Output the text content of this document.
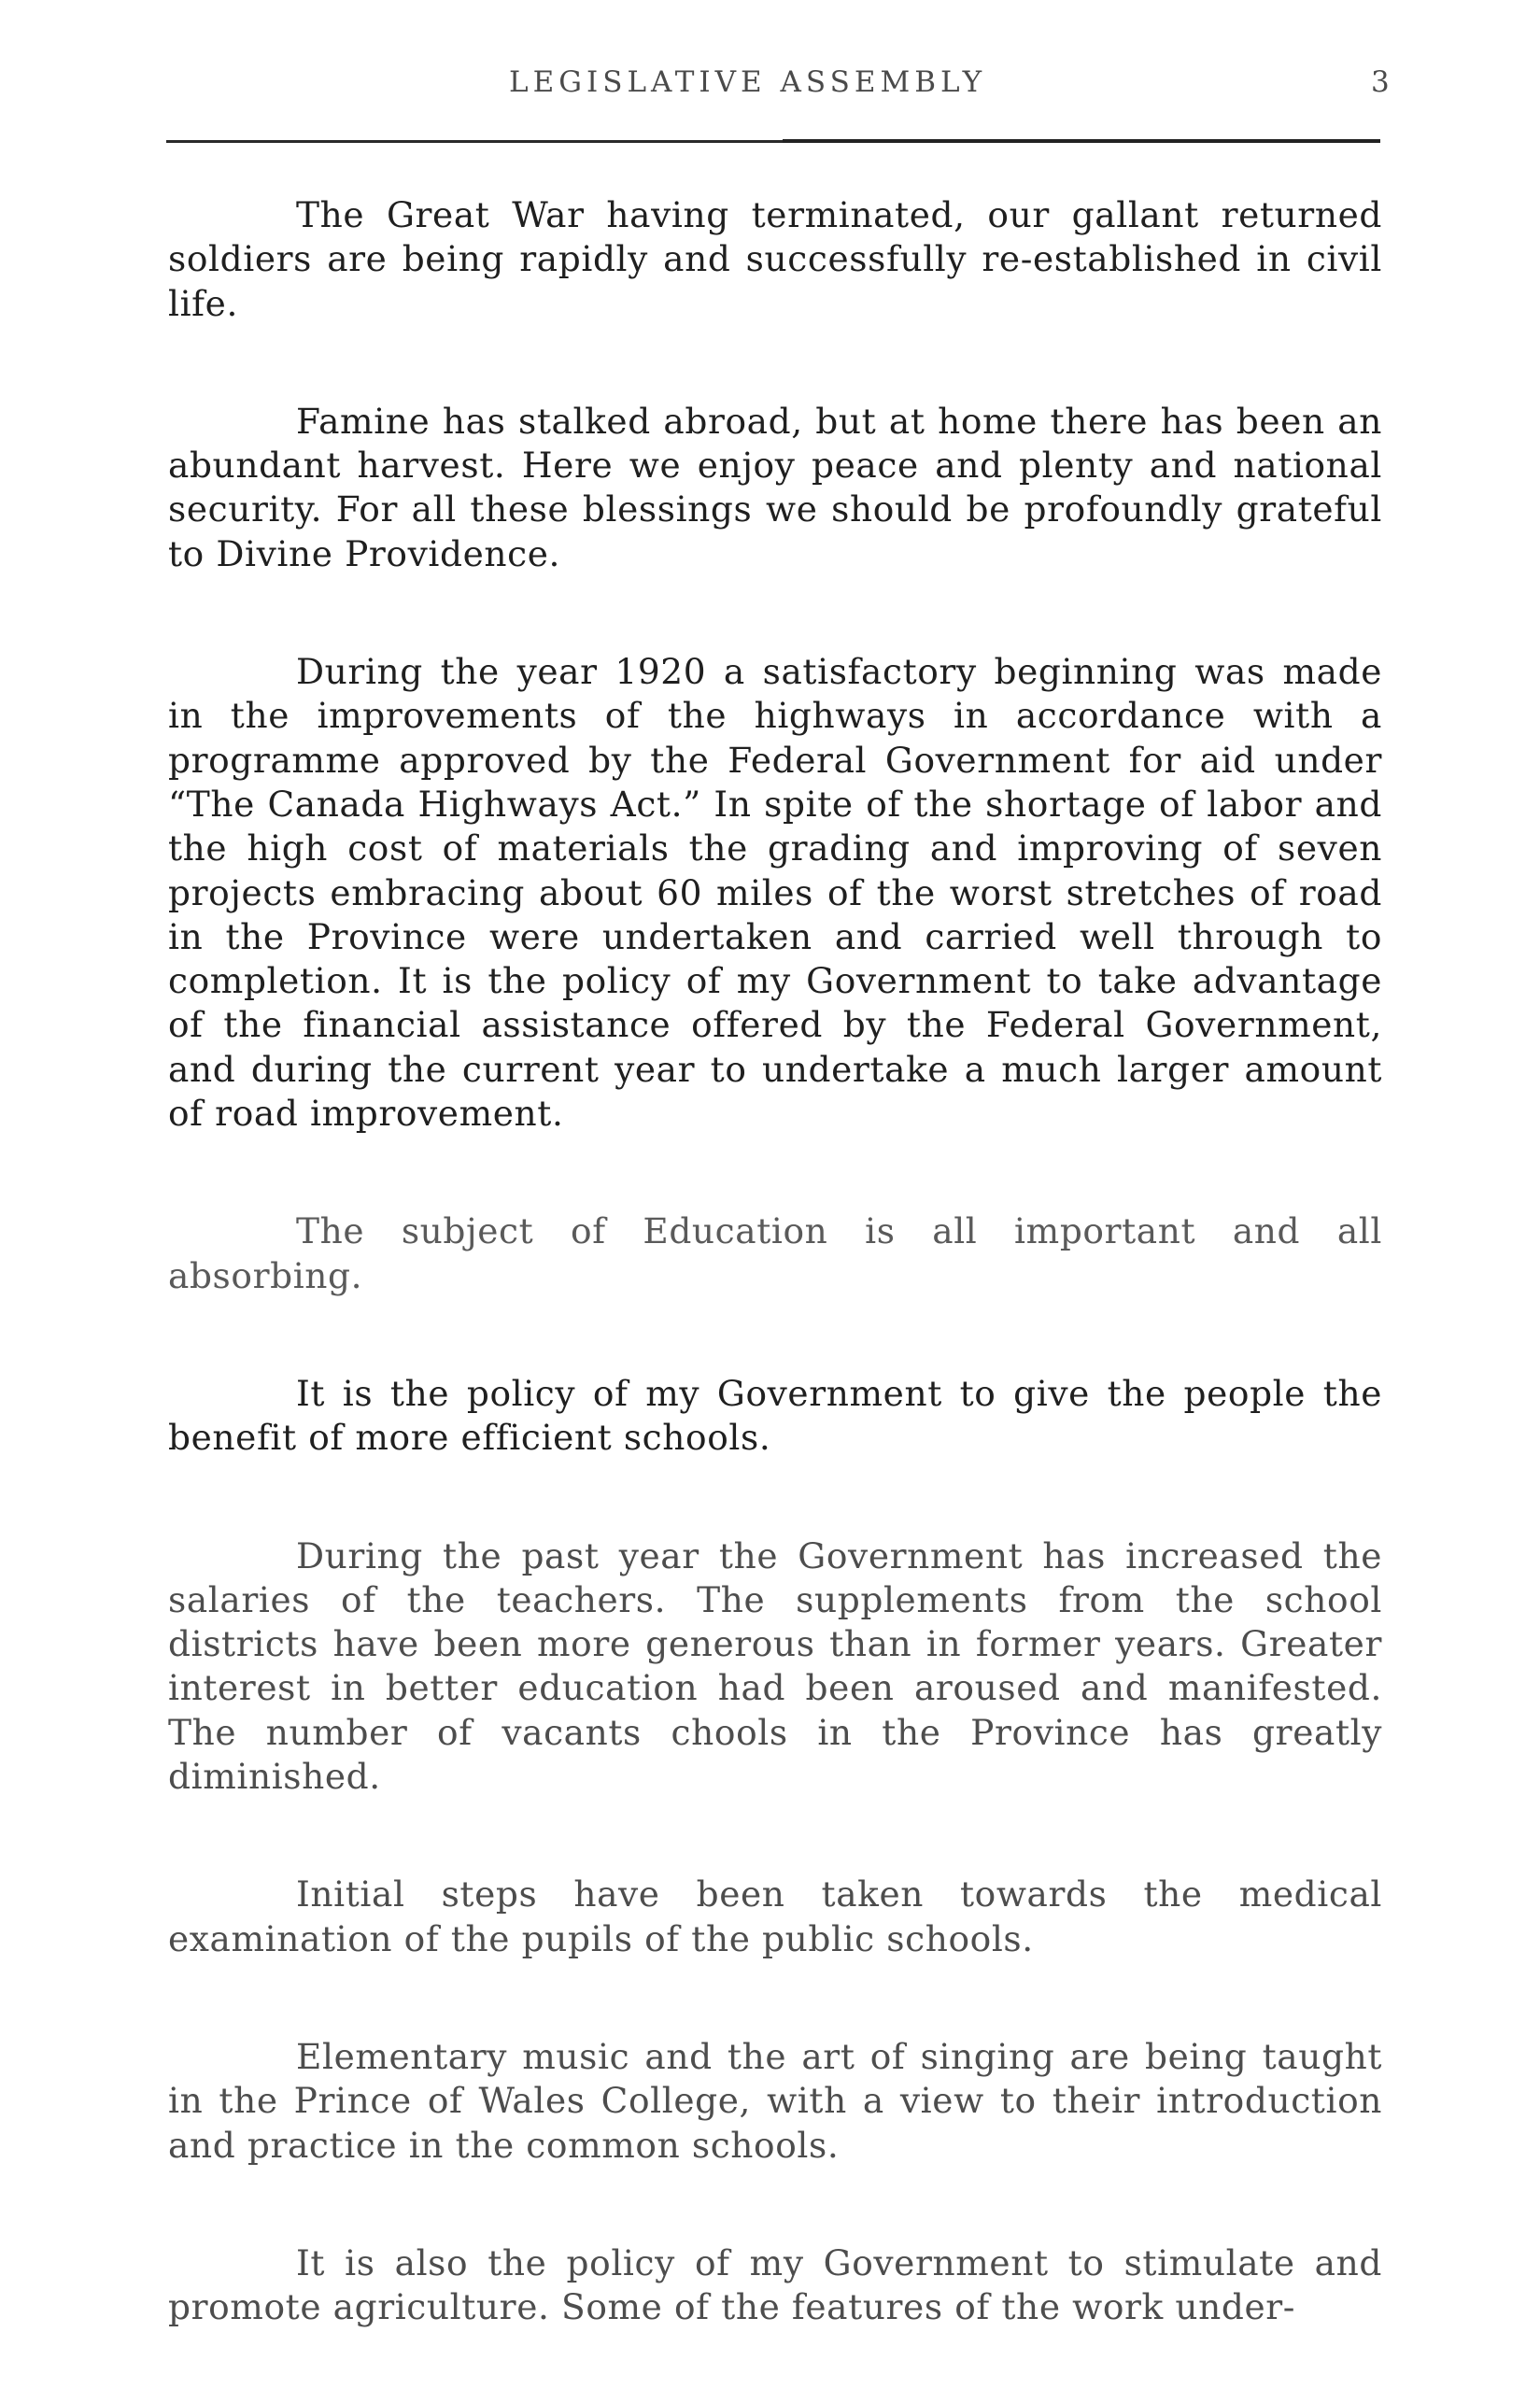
LEGISLATIVE ASSEMBLY	3

The Great War having terminated, our gallant returned soldiers are being rapidly and successfully re-established in civil life.

Famine has stalked abroad, but at home there has been an abundant harvest. Here we enjoy peace and plenty and national security. For all these blessings we should be profoundly grateful to Divine Providence.

During the year 1920 a satisfactory beginning was made in the improvements of the highways in accordance with a programme approved by the Federal Government for aid under “The Canada Highways Act.” In spite of the shortage of labor and the high cost of materials the grading and improving of seven projects embracing about 60 miles of the worst stretches of road in the Province were undertaken and carried well through to completion. It is the policy of my Government to take advantage of the financial assistance offered by the Federal Government, and during the current year to undertake a much larger amount of road improvement.

The subject of Education is all important and all absorbing.

It is the policy of my Government to give the people the benefit of more efficient schools.

During the past year the Government has increased the salaries of the teachers. The supplements from the school districts have been more generous than in former years. Greater interest in better education had been aroused and manifested. The number of vacants chools in the Province has greatly diminished.

Initial steps have been taken towards the medical examination of the pupils of the public schools.

Elementary music and the art of singing are being taught in the Prince of Wales College, with a view to their introduction and practice in the common schools.

It is also the policy of my Government to stimulate and promote agriculture. Some of the features of the work under-
